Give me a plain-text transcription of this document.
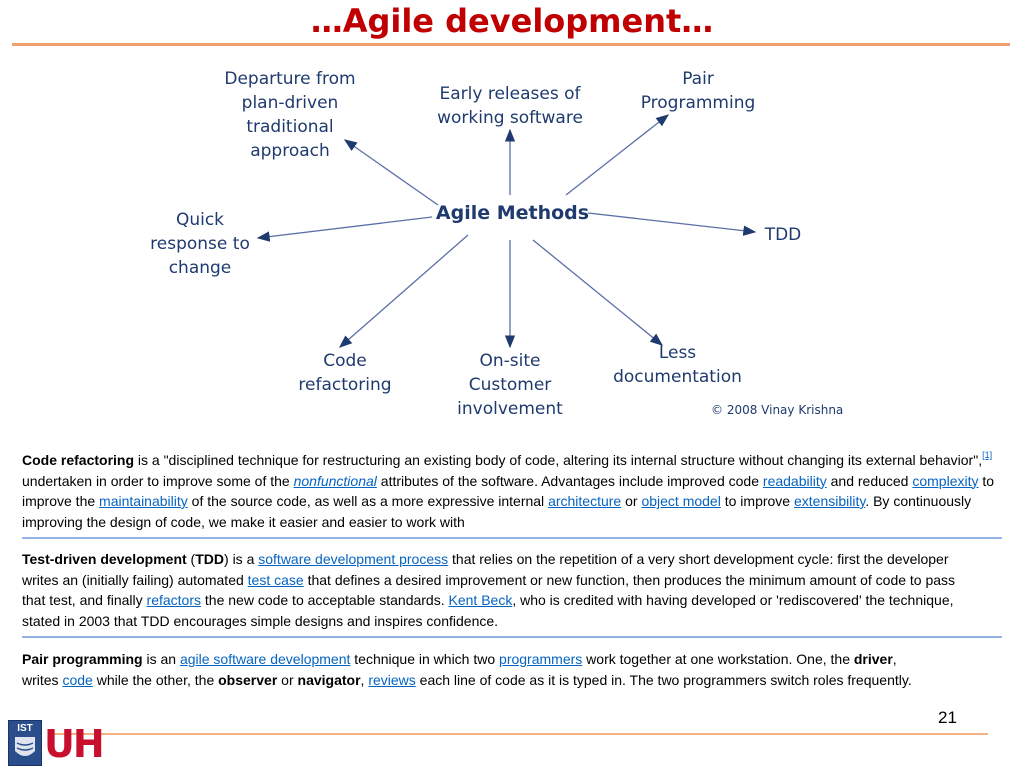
…Agile development…
Departure from
plan-driven
traditional
approach
Early releases of
working software
Pair
Programming
Quick
response to
change
TDD
Code
refactoring
On-site
Customer
involvement
Less
documentation
Agile Methods
© 2008 Vinay Krishna
Code refactoring is a "disciplined technique for restructuring an existing body of code, altering its internal structure without changing its external behavior",[1] undertaken in order to improve some of the nonfunctional attributes of the software. Advantages include improved code readability and reduced complexity to improve the maintainability of the source code, as well as a more expressive internal architecture or object model to improve extensibility. By continuously improving the design of code, we make it easier and easier to work with
Test-driven development (TDD) is a software development process that relies on the repetition of a very short development cycle: first the developer writes an (initially failing) automated test case that defines a desired improvement or new function, then produces the minimum amount of code to pass that test, and finally refactors the new code to acceptable standards. Kent Beck, who is credited with having developed or 'rediscovered' the technique, stated in 2003 that TDD encourages simple designs and inspires confidence.
Pair programming is an agile software development technique in which two programmers work together at one workstation. One, the driver, writes code while the other, the observer or navigator, reviews each line of code as it is typed in. The two programmers switch roles frequently.
21
IST UH
